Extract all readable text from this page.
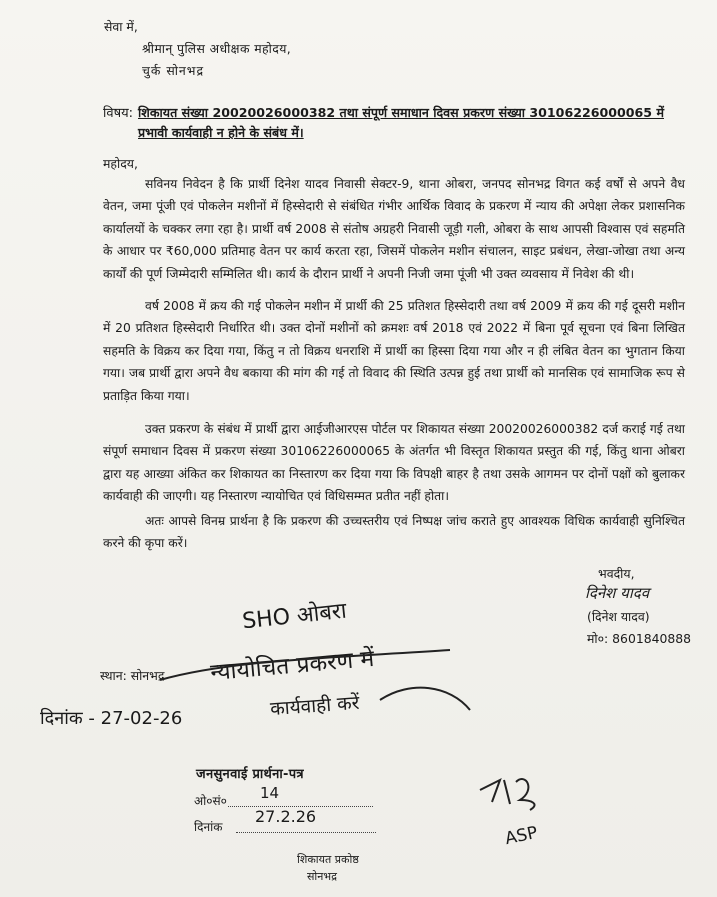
सेवा में,
श्रीमान् पुलिस अधीक्षक महोदय,
चुर्क सोनभद्र
विषय: शिकायत संख्या 20020026000382 तथा संपूर्ण समाधान दिवस प्रकरण संख्या 30106226000065 में प्रभावी कार्यवाही न होने के संबंध में।
महोदय,
सविनय निवेदन है कि प्रार्थी दिनेश यादव निवासी सेक्टर-9, थाना ओबरा, जनपद सोनभद्र विगत कई वर्षों से अपने वैध वेतन, जमा पूंजी एवं पोकलेन मशीनों में हिस्सेदारी से संबंधित गंभीर आर्थिक विवाद के प्रकरण में न्याय की अपेक्षा लेकर प्रशासनिक कार्यालयों के चक्कर लगा रहा है। प्रार्थी वर्ष 2008 से संतोष अग्रहरी निवासी जूड़ी गली, ओबरा के साथ आपसी विश्वास एवं सहमति के आधार पर ₹60,000 प्रतिमाह वेतन पर कार्य करता रहा, जिसमें पोकलेन मशीन संचालन, साइट प्रबंधन, लेखा-जोखा तथा अन्य कार्यों की पूर्ण जिम्मेदारी सम्मिलित थी। कार्य के दौरान प्रार्थी ने अपनी निजी जमा पूंजी भी उक्त व्यवसाय में निवेश की थी।
वर्ष 2008 में क्रय की गई पोकलेन मशीन में प्रार्थी की 25 प्रतिशत हिस्सेदारी तथा वर्ष 2009 में क्रय की गई दूसरी मशीन में 20 प्रतिशत हिस्सेदारी निर्धारित थी। उक्त दोनों मशीनों को क्रमशः वर्ष 2018 एवं 2022 में बिना पूर्व सूचना एवं बिना लिखित सहमति के विक्रय कर दिया गया, किंतु न तो विक्रय धनराशि में प्रार्थी का हिस्सा दिया गया और न ही लंबित वेतन का भुगतान किया गया। जब प्रार्थी द्वारा अपने वैध बकाया की मांग की गई तो विवाद की स्थिति उत्पन्न हुई तथा प्रार्थी को मानसिक एवं सामाजिक रूप से प्रताड़ित किया गया।
उक्त प्रकरण के संबंध में प्रार्थी द्वारा आईजीआरएस पोर्टल पर शिकायत संख्या 20020026000382 दर्ज कराई गई तथा संपूर्ण समाधान दिवस में प्रकरण संख्या 30106226000065 के अंतर्गत भी विस्तृत शिकायत प्रस्तुत की गई, किंतु थाना ओबरा द्वारा यह आख्या अंकित कर शिकायत का निस्तारण कर दिया गया कि विपक्षी बाहर है तथा उसके आगमन पर दोनों पक्षों को बुलाकर कार्यवाही की जाएगी। यह निस्तारण न्यायोचित एवं विधिसम्मत प्रतीत नहीं होता।
अतः आपसे विनम्र प्रार्थना है कि प्रकरण की उच्चस्तरीय एवं निष्पक्ष जांच कराते हुए आवश्यक विधिक कार्यवाही सुनिश्चित करने की कृपा करें।
भवदीय,
दिनेश यादव
(दिनेश यादव)
मो०: 8601840888
स्थान: सोनभद्र
SHO ओबरा
न्यायोचित प्रकरण में
कार्यवाही करें
दिनांक - 27-02-26
ASP
जनसुनवाई प्रार्थना-पत्र
ओ०सं० 14
दिनांक
27.2.26
शिकायत प्रकोष्ठ
सोनभद्र
